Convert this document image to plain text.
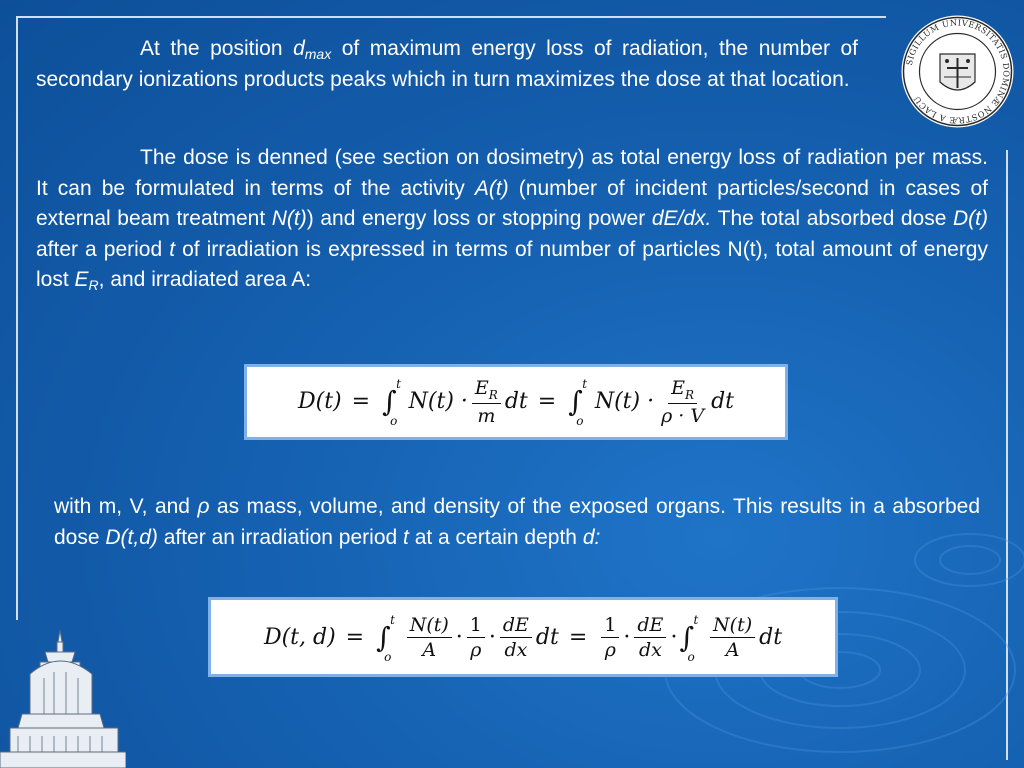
At the position $d_{max}$ of maximum energy loss of radiation, the number of secondary ionizations products peaks which in turn maximizes the dose at that location.

The dose is denned (see section on dosimetry) as total energy loss of radiation per mass. It can be formulated in terms of the activity A(t) (number of incident particles/second in cases of external beam treatment N(t)) and energy loss or stopping power dE/dx. The total absorbed dose D(t) after a period t of irradiation is expressed in terms of number of particles N(t), total amount of energy lost $E_R$, and irradiated area A:

D(t) = ∫
t
o
$N(t) \cdot \frac{E_R}{m}$ dt = ∫
t
o
$N(t) \cdot \frac{E_R}{\rho \cdot V}$ dt

with m, V, and ρ as mass, volume, and density of the exposed organs. This results in a absorbed dose D(t,d) after an irradiation period t at a certain depth d:

D(t, d) = ∫
t
o $\frac{N(t)}{A} \cdot \frac{1}{\rho} \cdot \frac{dE}{dx}$ dt = $\frac{1}{\rho} \cdot \frac{dE}{dx}$ · ∫
t
o $\frac{N(t)}{A}$ dt
SIGILLUM UNIVERSITATIS DOMINÆ NOSTRÆ A LACU
